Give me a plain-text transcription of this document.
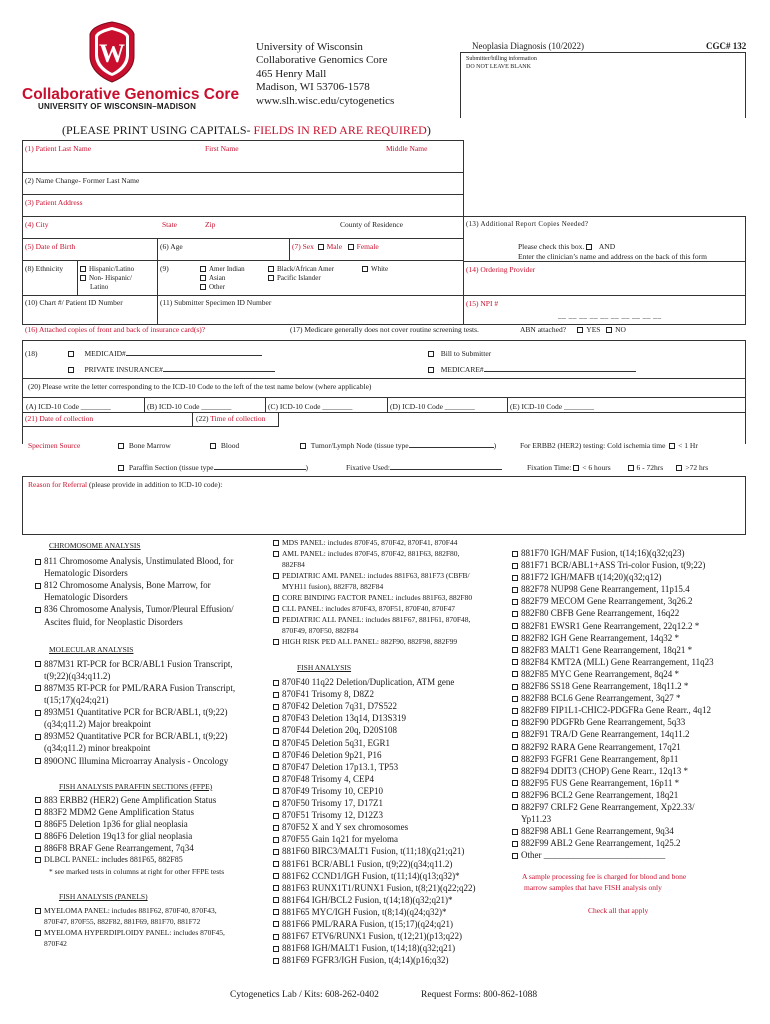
W
Collaborative Genomics Core
UNIVERSITY OF WISCONSIN–MADISON
University of Wisconsin
Collaborative Genomics Core
465 Henry Mall
Madison, WI 53706-1578
www.slh.wisc.edu/cytogenetics
Neoplasia Diagnosis (10/2022)	CGC# 132
Submitter/billing information
DO NOT LEAVE BLANK
(PLEASE PRINT USING CAPITALS- FIELDS IN RED ARE REQUIRED)
(1) Patient Last Name	First Name	Middle Name
(2) Name Change- Former Last Name
(3) Patient Address
(4) City	State	Zip	County of Residence
(5) Date of Birth	(6) Age	(7) Sex Male Female
(8) Ethnicity	Hispanic/Latino
Non- Hispanic/
Latino
(9)	Amer Indian
Asian
Other
Black/African Amer
Pacific Islander
White
(10) Chart #/ Patient ID Number	(11) Submitter Specimen ID Number
(13) Additional Report Copies Needed?
Please check this box. AND
Enter the clinician’s name and address on the back of this form
(14) Ordering Provider
(15) NPI #
__ __ __ __ __ __ __ __ __ __
(16) Attached copies of front and back of insurance card(s)?	(17) Medicare generally does not cover routine screening tests.	ABN attached?	YES NO
(18)	MEDICAID#
PRIVATE INSURANCE#
Bill to Submitter
MEDICARE#
(20) Please write the letter corresponding to the ICD-10 Code to the left of the test name below (where applicable)
(A) ICD-10 Code ________	(B) ICD-10 Code ________	(C) ICD-10 Code ________	(D) ICD-10 Code ________	(E) ICD-10 Code ________
(21) Date of collection	(22) Time of collection
Specimen Source	Bone Marrow	Blood	Tumor/Lymph Node (tissue type	)	For ERBB2 (HER2) testing: Cold ischemia time < 1 Hr
Paraffin Section (tissue type	)	Fixative Used:	Fixation Time: < 6 hours	6 - 72hrs	>72 hrs
Reason for Referral (please provide in addition to ICD-10 code):
CHROMOSOME ANALYSIS
811 Chromosome Analysis, Unstimulated Blood, for
Hematologic Disorders
812 Chromosome Analysis, Bone Marrow, for
Hematologic Disorders
836 Chromosome Analysis, Tumor/Pleural Effusion/
Ascites fluid, for Neoplastic Disorders
MOLECULAR ANALYSIS
887M31 RT-PCR for BCR/ABL1 Fusion Transcript,
t(9;22)(q34;q11.2)
887M35 RT-PCR for PML/RARA Fusion Transcript,
t(15;17)(q24;q21)
893M51 Quantitative PCR for BCR/ABL1, t(9;22)
(q34;q11.2) Major breakpoint
893M52 Quantitative PCR for BCR/ABL1, t(9;22)
(q34;q11.2) minor breakpoint
890ONC Illumina Microarray Analysis - Oncology
FISH ANALYSIS PARAFFIN SECTIONS (FFPE)
883 ERBB2 (HER2) Gene Amplification Status
883F2 MDM2 Gene Amplification Status
886F5 Deletion 1p36 for glial neoplasia
886F6 Deletion 19q13 for glial neoplasia
886F8 BRAF Gene Rearrangement, 7q34
DLBCL PANEL: includes 881F65, 882F85
* see marked tests in columns at right for other FFPE tests
FISH ANALYSIS (PANELS)
MYELOMA PANEL: includes 881F62, 870F40, 870F43,
870F47, 870F55, 882F82, 881F69, 881F70, 881F72
MYELOMA HYPERDIPLOIDY PANEL: includes 870F45,
870F42
MDS PANEL: includes 870F45, 870F42, 870F41, 870F44
AML PANEL: includes 870F45, 870F42, 881F63, 882F80,
882F84
PEDIATRIC AML PANEL: includes 881F63, 881F73 (CBFB/
MYH11 fusion), 882F78, 882F84
CORE BINDING FACTOR PANEL: includes 881F63, 882F80
CLL PANEL: includes 870F43, 870F51, 870F40, 870F47
PEDIATRIC ALL PANEL: includes 881F67, 881F61, 870F48,
870F49, 870F50, 882F84
HIGH RISK PED ALL PANEL: 882F90, 882F98, 882F99
FISH ANALYSIS
870F40 11q22 Deletion/Duplication, ATM gene
870F41 Trisomy 8, D8Z2
870F42 Deletion 7q31, D7S522
870F43 Deletion 13q14, D13S319
870F44 Deletion 20q, D20S108
870F45 Deletion 5q31, EGR1
870F46 Deletion 9p21, P16
870F47 Deletion 17p13.1, TP53
870F48 Trisomy 4, CEP4
870F49 Trisomy 10, CEP10
870F50 Trisomy 17, D17Z1
870F51 Trisomy 12, D12Z3
870F52 X and Y sex chromosomes
870F55 Gain 1q21 for myeloma
881F60 BIRC3/MALT1 Fusion, t(11;18)(q21;q21)
881F61 BCR/ABL1 Fusion, t(9;22)(q34;q11.2)
881F62 CCND1/IGH Fusion, t(11;14)(q13;q32)*
881F63 RUNX1T1/RUNX1 Fusion, t(8;21)(q22;q22)
881F64 IGH/BCL2 Fusion, t(14;18)(q32;q21)*
881F65 MYC/IGH Fusion, t(8;14)(q24;q32)*
881F66 PML/RARA Fusion, t(15;17)(q24;q21)
881F67 ETV6/RUNX1 Fusion, t(12;21)(p13;q22)
881F68 IGH/MALT1 Fusion, t(14;18)(q32;q21)
881F69 FGFR3/IGH Fusion, t(4;14)(p16;q32)
881F70 IGH/MAF Fusion, t(14;16)(q32;q23)
881F71 BCR/ABL1+ASS Tri-color Fusion, t(9;22)
881F72 IGH/MAFB t(14;20)(q32;q12)
882F78 NUP98 Gene Rearrangement, 11p15.4
882F79 MECOM Gene Rearrangement, 3q26.2
882F80 CBFB Gene Rearrangement, 16q22
882F81 EWSR1 Gene Rearrangement, 22q12.2 *
882F82 IGH Gene Rearrangement, 14q32 *
882F83 MALT1 Gene Rearrangement, 18q21 *
882F84 KMT2A (MLL) Gene Rearrangement, 11q23
882F85 MYC Gene Rearrangement, 8q24 *
882F86 SS18 Gene Rearrangement, 18q11.2 *
882F88 BCL6 Gene Rearrangement, 3q27 *
882F89 FIP1L1-CHIC2-PDGFRa Gene Rearr., 4q12
882F90 PDGFRb Gene Rearrangement, 5q33
882F91 TRA/D Gene Rearrangement, 14q11.2
882F92 RARA Gene Rearrangement, 17q21
882F93 FGFR1 Gene Rearrangement, 8p11
882F94 DDIT3 (CHOP) Gene Rearr., 12q13 *
882F95 FUS Gene Rearrangement, 16p11 *
882F96 BCL2 Gene Rearrangement, 18q21
882F97 CRLF2 Gene Rearrangement, Xp22.33/
Yp11.23
882F98 ABL1 Gene Rearrangement, 9q34
882F99 ABL2 Gene Rearrangement, 1q25.2
Other ___________________________
A sample processing fee is charged for blood and bone
marrow samples that have FISH analysis only
Check all that apply
Cytogenetics Lab / Kits: 608-262-0402	Request Forms: 800-862-1088
